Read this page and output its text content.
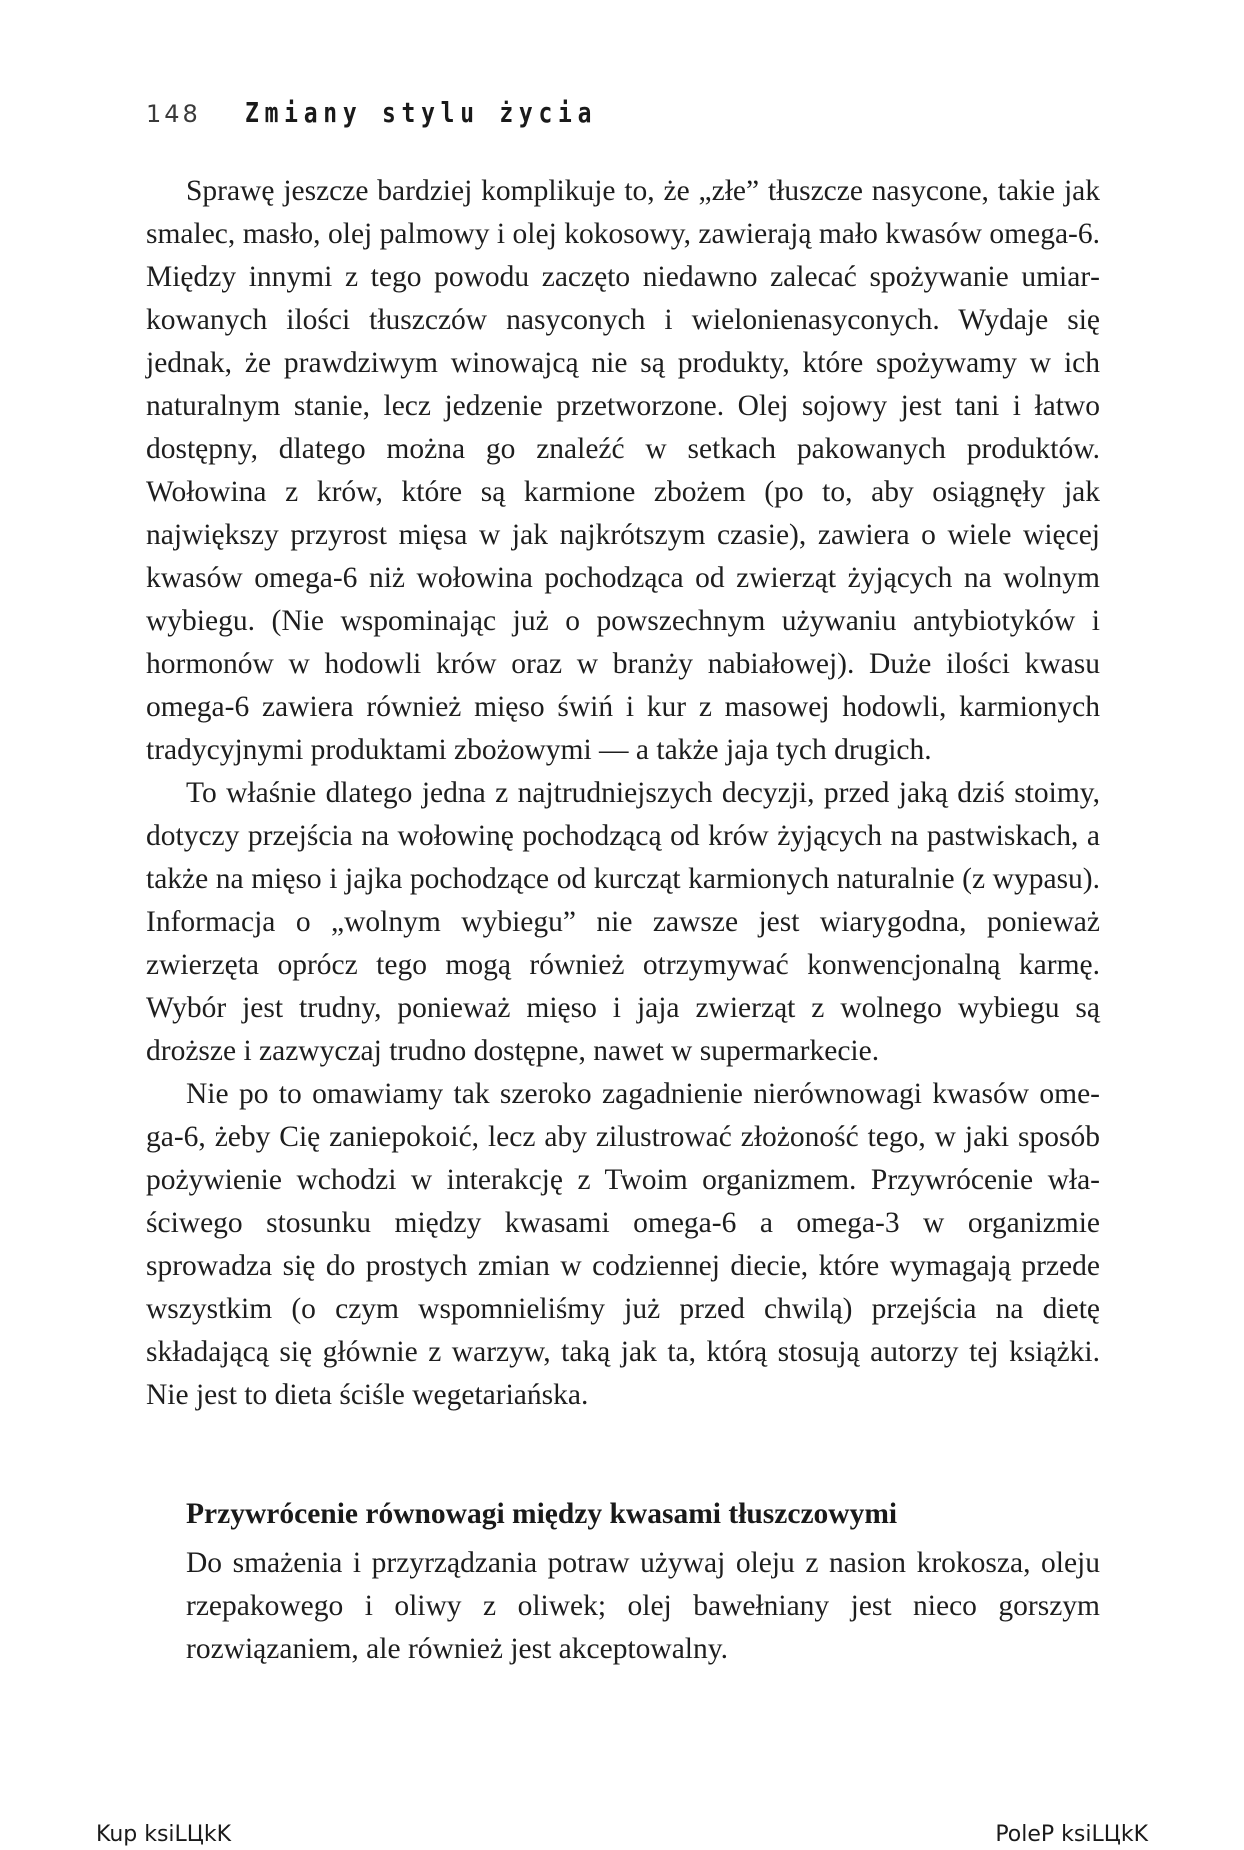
148 Zmiany stylu życia

Sprawę jeszcze bardziej komplikuje to, że „złe” tłuszcze nasycone, takie jak smalec, masło, olej palmowy i olej kokosowy, zawierają mało kwasów omega-6. Między innymi z tego powodu zaczęto niedawno zalecać spożywanie umiarkowanych ilości tłuszczów nasyconych i wielonienasyconych. Wydaje się jednak, że prawdziwym winowajcą nie są produkty, które spożywamy w ich naturalnym stanie, lecz jedzenie przetworzone. Olej sojowy jest tani i łatwo dostępny, dlatego można go znaleźć w setkach pakowanych produktów. Wołowina z krów, które są karmione zbożem (po to, aby osiągnęły jak największy przyrost mięsa w jak najkrótszym czasie), zawiera o wiele więcej kwasów omega-6 niż wołowina pochodząca od zwierząt żyjących na wolnym wybiegu. (Nie wspominając już o powszechnym używaniu antybiotyków i hormonów w hodowli krów oraz w branży nabiałowej). Duże ilości kwasu omega-6 zawiera również mięso świń i kur z masowej hodowli, karmionych tradycyjnymi produktami zbożowymi — a także jaja tych drugich.

To właśnie dlatego jedna z najtrudniejszych decyzji, przed jaką dziś stoimy, dotyczy przejścia na wołowinę pochodzącą od krów żyjących na pastwiskach, a także na mięso i jajka pochodzące od kurcząt karmionych naturalnie (z wypasu). Informacja o „wolnym wybiegu” nie zawsze jest wiarygodna, ponieważ zwierzęta oprócz tego mogą również otrzymywać konwencjonalną karmę. Wybór jest trudny, ponieważ mięso i jaja zwierząt z wolnego wybiegu są droższe i zazwyczaj trudno dostępne, nawet w supermarkecie.

Nie po to omawiamy tak szeroko zagadnienie nierównowagi kwasów omega-6, żeby Cię zaniepokoić, lecz aby zilustrować złożoność tego, w jaki sposób pożywienie wchodzi w interakcję z Twoim organizmem. Przywrócenie właściwego stosunku między kwasami omega-6 a omega-3 w organizmie sprowadza się do prostych zmian w codziennej diecie, które wymagają przede wszystkim (o czym wspomnieliśmy już przed chwilą) przejścia na dietę składającą się głównie z warzyw, taką jak ta, którą stosują autorzy tej książki. Nie jest to dieta ściśle wegetariańska.

Przywrócenie równowagi między kwasami tłuszczowymi

Do smażenia i przyrządzania potraw używaj oleju z nasion krokosza, oleju rzepakowego i oliwy z oliwek; olej bawełniany jest nieco gorszym rozwiązaniem, ale również jest akceptowalny.

Kup ksiLЦkK	PoleP ksiLЦkK
